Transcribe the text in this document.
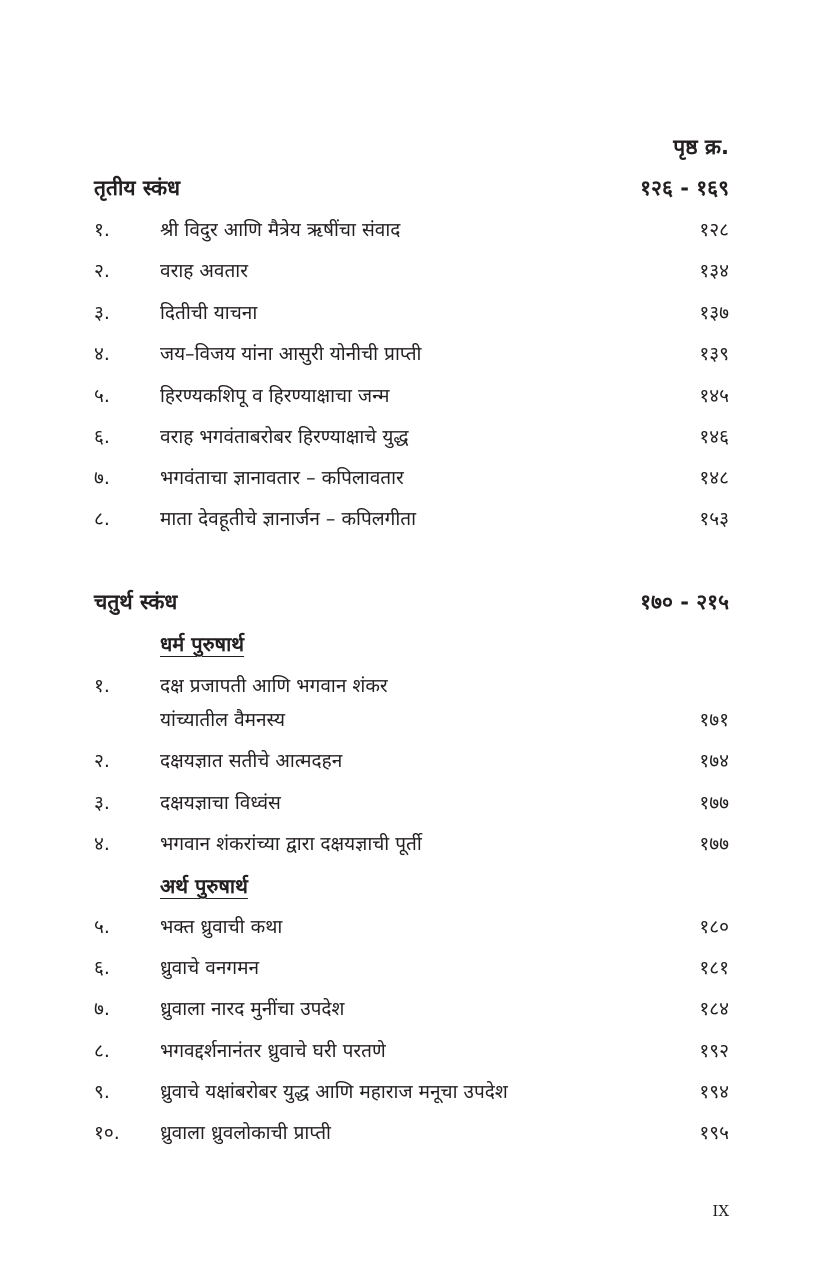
पृष्ठ क्र.
तृतीय स्कंध	१२६ - १६९
१.	श्री विदुर आणि मैत्रेय ऋषींचा संवाद	१२८
२.	वराह अवतार	१३४
३.	दितीची याचना	१३७
४.	जय–विजय यांना आसुरी योनीची प्राप्ती	१३९
५.	हिरण्यकशिपू व हिरण्याक्षाचा जन्म	१४५
६.	वराह भगवंताबरोबर हिरण्याक्षाचे युद्ध	१४६
७.	भगवंताचा ज्ञानावतार – कपिलावतार	१४८
८.	माता देवहूतीचे ज्ञानार्जन – कपिलगीता	१५३
चतुर्थ स्कंध	१७० - २१५
धर्म पुरुषार्थ
१.	दक्ष प्रजापती आणि भगवान शंकर
यांच्यातील वैमनस्य	१७१
२.	दक्षयज्ञात सतीचे आत्मदहन	१७४
३.	दक्षयज्ञाचा विध्वंस	१७७
४.	भगवान शंकरांच्या द्वारा दक्षयज्ञाची पूर्ती	१७७
अर्थ पुरुषार्थ
५.	भक्त ध्रुवाची कथा	१८०
६.	ध्रुवाचे वनगमन	१८१
७.	ध्रुवाला नारद मुनींचा उपदेश	१८४
८.	भगवद्दर्शनानंतर ध्रुवाचे घरी परतणे	१९२
९.	ध्रुवाचे यक्षांबरोबर युद्ध आणि महाराज मनूचा उपदेश	१९४
१०. ध्रुवाला ध्रुवलोकाची प्राप्ती	१९५
IX
